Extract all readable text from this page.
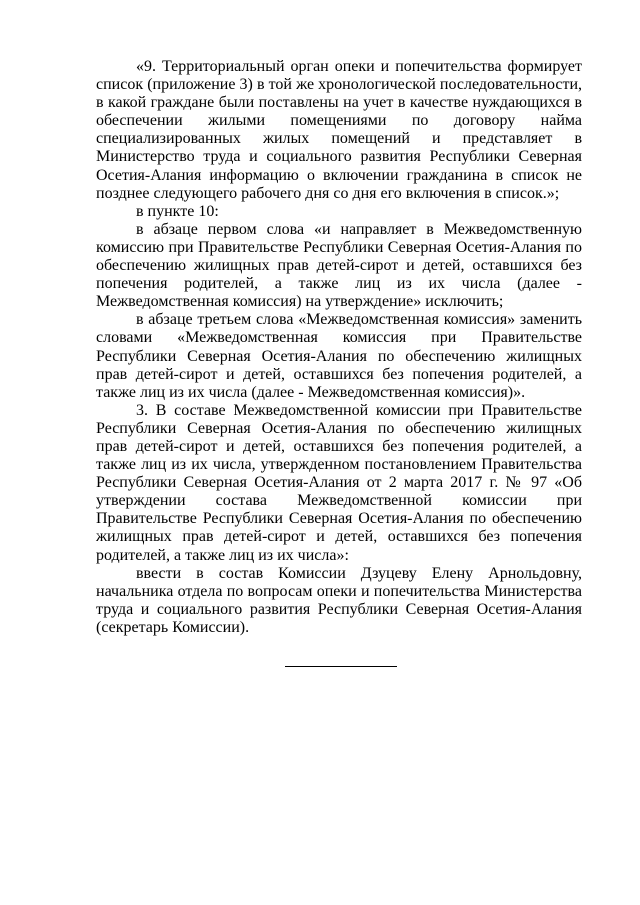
«9. Территориальный орган опеки и попечительства формирует список (приложение 3) в той же хронологической последовательности, в какой граждане были поставлены на учет в качестве нуждающихся в обеспечении жилыми помещениями по договору найма специализированных жилых помещений и представляет в Министерство труда и социального развития Республики Северная Осетия-Алания информацию о включении гражданина в список не позднее следующего рабочего дня со дня его включения в список.»;

в пункте 10:

в абзаце первом слова «и направляет в Межведомственную комиссию при Правительстве Республики Северная Осетия-Алания по обеспечению жилищных прав детей-сирот и детей, оставшихся без попечения родителей, а также лиц из их числа (далее - Межведомственная комиссия) на утверждение» исключить;

в абзаце третьем слова «Межведомственная комиссия» заменить словами «Межведомственная комиссия при Правительстве Республики Северная Осетия-Алания по обеспечению жилищных прав детей-сирот и детей, оставшихся без попечения родителей, а также лиц из их числа (далее - Межведомственная комиссия)».

3. В составе Межведомственной комиссии при Правительстве Республики Северная Осетия-Алания по обеспечению жилищных прав детей-сирот и детей, оставшихся без попечения родителей, а также лиц из их числа, утвержденном постановлением Правительства Республики Северная Осетия-Алания от 2 марта 2017 г. № 97 «Об утверждении состава Межведомственной комиссии при Правительстве Республики Северная Осетия-Алания по обеспечению жилищных прав детей-сирот и детей, оставшихся без попечения родителей, а также лиц из их числа»:

ввести в состав Комиссии Дзуцеву Елену Арнольдовну, начальника отдела по вопросам опеки и попечительства Министерства труда и социального развития Республики Северная Осетия-Алания (секретарь Комиссии).
